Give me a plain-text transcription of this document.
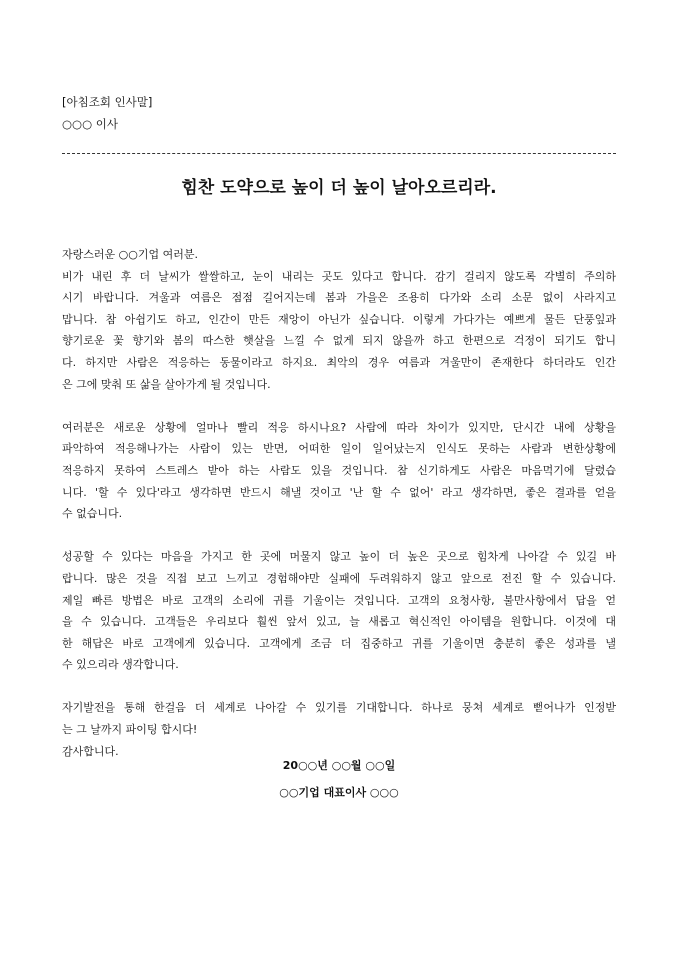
[아침조회 인사말]
○○○ 이사
힘찬 도약으로 높이 더 높이 날아오르리라.
자랑스러운 ○○기업 여러분.
비가 내린 후 더 날씨가 쌀쌀하고, 눈이 내리는 곳도 있다고 합니다. 감기 걸리지 않도록 각별히 주의하
시기 바랍니다. 겨울과 여름은 점점 길어지는데 봄과 가을은 조용히 다가와 소리 소문 없이 사라지고
맙니다. 참 아쉽기도 하고, 인간이 만든 재앙이 아닌가 싶습니다. 이렇게 가다가는 예쁘게 물든 단풍잎과
향기로운 꽃 향기와 봄의 따스한 햇살을 느낄 수 없게 되지 않을까 하고 한편으로 걱정이 되기도 합니
다. 하지만 사람은 적응하는 동물이라고 하지요. 최악의 경우 여름과 겨울만이 존재한다 하더라도 인간
은 그에 맞춰 또 삶을 살아가게 될 것입니다.
여러분은 새로운 상황에 얼마나 빨리 적응 하시나요? 사람에 따라 차이가 있지만, 단시간 내에 상황을
파악하여 적응해나가는 사람이 있는 반면, 어떠한 일이 일어났는지 인식도 못하는 사람과 변한상황에
적응하지 못하여 스트레스 받아 하는 사람도 있을 것입니다. 참 신기하게도 사람은 마음먹기에 달렸습
니다. '할 수 있다'라고 생각하면 반드시 해낼 것이고 '난 할 수 없어' 라고 생각하면, 좋은 결과를 얻을
수 없습니다.
성공할 수 있다는 마음을 가지고 한 곳에 머물지 않고 높이 더 높은 곳으로 힘차게 나아갈 수 있길 바
랍니다. 많은 것을 직접 보고 느끼고 경험해야만 실패에 두려워하지 않고 앞으로 전진 할 수 있습니다.
제일 빠른 방법은 바로 고객의 소리에 귀를 기울이는 것입니다. 고객의 요청사항, 불만사항에서 답을 얻
을 수 있습니다. 고객들은 우리보다 훨씬 앞서 있고, 늘 새롭고 혁신적인 아이템을 원합니다. 이것에 대
한 해답은 바로 고객에게 있습니다. 고객에게 조금 더 집중하고 귀를 기울이면 충분히 좋은 성과를 낼
수 있으리라 생각합니다.
자기발전을 통해 한걸음 더 세계로 나아갈 수 있기를 기대합니다. 하나로 뭉쳐 세계로 뻗어나가 인정받
는 그 날까지 파이팅 합시다!
감사합니다.
20○○년 ○○월 ○○일
○○기업 대표이사 ○○○
